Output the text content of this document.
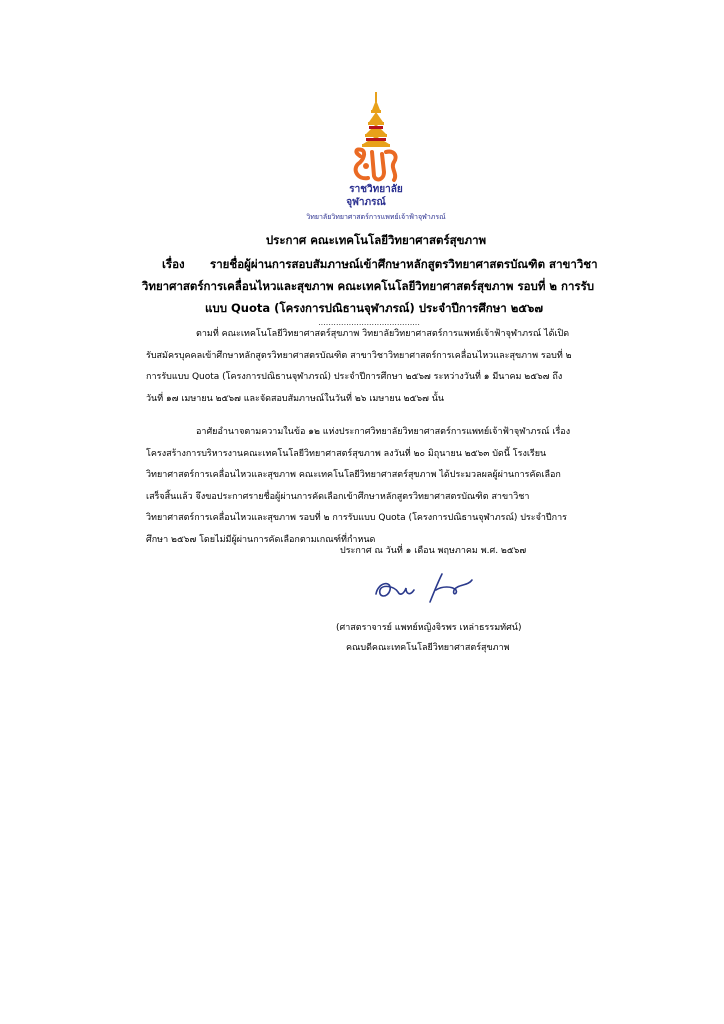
ราชวิทยาลัย
จุฬาภรณ์
วิทยาลัยวิทยาศาสตร์การแพทย์เจ้าฟ้าจุฬาภรณ์
ประกาศ คณะเทคโนโลยีวิทยาศาสตร์สุขภาพ
เรื่อง รายชื่อผู้ผ่านการสอบสัมภาษณ์เข้าศึกษาหลักสูตรวิทยาศาสตรบัณฑิต สาขาวิชา
วิทยาศาสตร์การเคลื่อนไหวและสุขภาพ คณะเทคโนโลยีวิทยาศาสตร์สุขภาพ รอบที่ ๒ การรับ
แบบ Quota (โครงการปณิธานจุฬาภรณ์) ประจำปีการศึกษา ๒๕๖๗
........................................
ตามที่ คณะเทคโนโลยีวิทยาศาสตร์สุขภาพ วิทยาลัยวิทยาศาสตร์การแพทย์เจ้าฟ้าจุฬาภรณ์ ได้เปิด
รับสมัครบุคคลเข้าศึกษาหลักสูตรวิทยาศาสตรบัณฑิต สาขาวิชาวิทยาศาสตร์การเคลื่อนไหวและสุขภาพ รอบที่ ๒
การรับแบบ Quota (โครงการปณิธานจุฬาภรณ์) ประจำปีการศึกษา ๒๕๖๗ ระหว่างวันที่ ๑ มีนาคม ๒๕๖๗ ถึง
วันที่ ๑๗ เมษายน ๒๕๖๗ และจัดสอบสัมภาษณ์ในวันที่ ๒๖ เมษายน ๒๕๖๗ นั้น
อาศัยอำนาจตามความในข้อ ๑๒ แห่งประกาศวิทยาลัยวิทยาศาสตร์การแพทย์เจ้าฟ้าจุฬาภรณ์ เรื่อง
โครงสร้างการบริหารงานคณะเทคโนโลยีวิทยาศาสตร์สุขภาพ ลงวันที่ ๒๐ มิถุนายน ๒๕๖๓ บัดนี้ โรงเรียน
วิทยาศาสตร์การเคลื่อนไหวและสุขภาพ คณะเทคโนโลยีวิทยาศาสตร์สุขภาพ ได้ประมวลผลผู้ผ่านการคัดเลือก
เสร็จสิ้นแล้ว จึงขอประกาศรายชื่อผู้ผ่านการคัดเลือกเข้าศึกษาหลักสูตรวิทยาศาสตรบัณฑิต สาขาวิชา
วิทยาศาสตร์การเคลื่อนไหวและสุขภาพ รอบที่ ๒ การรับแบบ Quota (โครงการปณิธานจุฬาภรณ์) ประจำปีการ
ศึกษา ๒๕๖๗ โดยไม่มีผู้ผ่านการคัดเลือกตามเกณฑ์ที่กำหนด
ประกาศ ณ วันที่ ๑ เดือน พฤษภาคม พ.ศ. ๒๕๖๗
(ศาสตราจารย์ แพทย์หญิงจิรพร เหล่าธรรมทัศน์)
คณบดีคณะเทคโนโลยีวิทยาศาสตร์สุขภาพ
